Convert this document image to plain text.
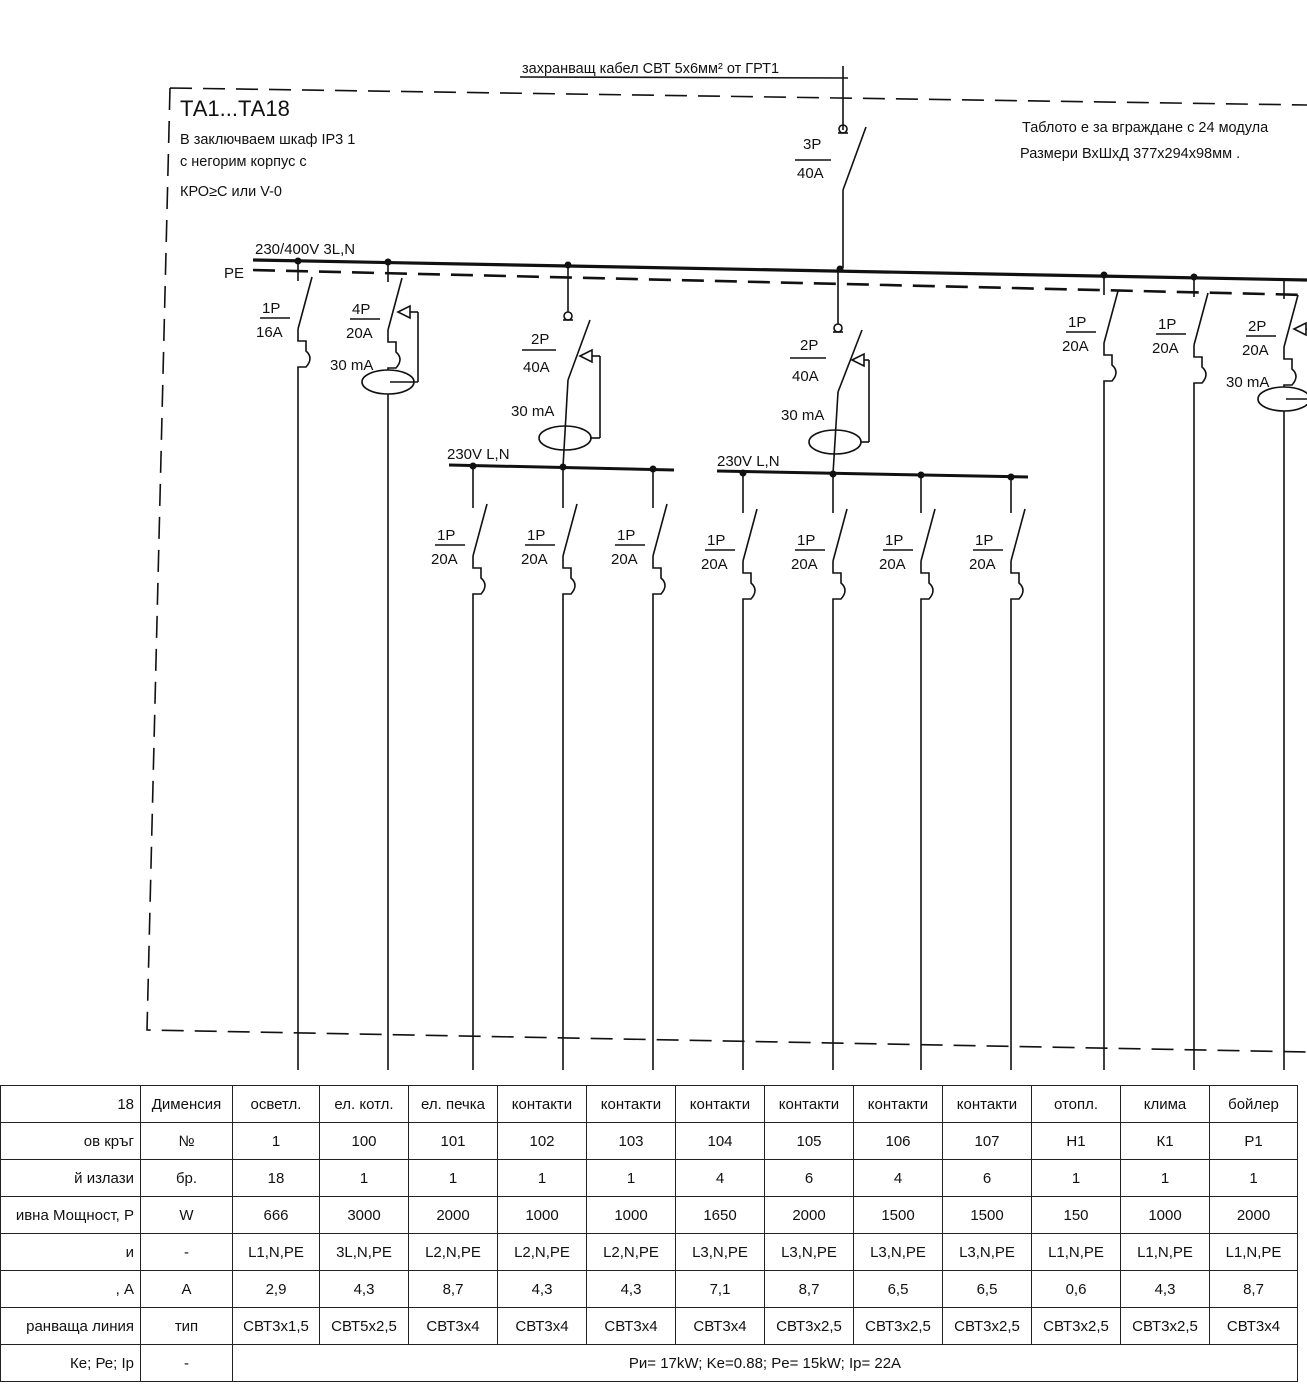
захранващ кабел СВТ 5х6мм² от ГРТ1
ТА1...ТА18
В заключваем шкаф IP3 1
с негорим корпус с
КРО≥С или V-0
Таблото е за вграждане с 24 модула
Размери ВхШхД 377х294х98мм .
3P
40A
230/400V 3L,N
PE
230V L,N	230V L,N
1P
16A
4P
20A
30 mA
2P
40A
30 mA
2P
40A
30 mA
1P
20A
1P
20A
2P
20A
30 mA
1P
20A
1P
20A
1P
20A
1P
20A
1P
20A
1P
20A
1P
20A
18	Димeнсия	осветл.	ел. котл.	ел. печка	контакти	контакти	контакти	контакти	контакти	контакти	отопл.	клима	бойлер
ов кръг	№	1	100	101	102	103	104	105	106	107	Н1	К1	Р1
й излази	бр.	18	1	1	1	1	4	6	4	6	1	1	1
ивна Мощност, Р	W	666	3000	2000	1000	1000	1650	2000	1500	1500	150	1000	2000
и	-	L1,N,PE	3L,N,PE	L2,N,PE	L2,N,PE	L2,N,PE	L3,N,PE	L3,N,PE	L3,N,PE	L3,N,PE	L1,N,PE	L1,N,PE	L1,N,PE
, А	А	2,9	4,3	8,7	4,3	4,3	7,1	8,7	6,5	6,5	0,6	4,3	8,7
ранваща линия	тип	СВТ3х1,5	СВТ5х2,5	СВТ3х4	СВТ3х4	СВТ3х4	СВТ3х4	СВТ3х2,5	СВТ3х2,5	СВТ3х2,5	СВТ3х2,5	СВТ3х2,5	СВТ3х4
Ке; Ре; Iр	-	Pи= 17kW; Ke=0.88; Pe= 15kW; Iр= 22A											
